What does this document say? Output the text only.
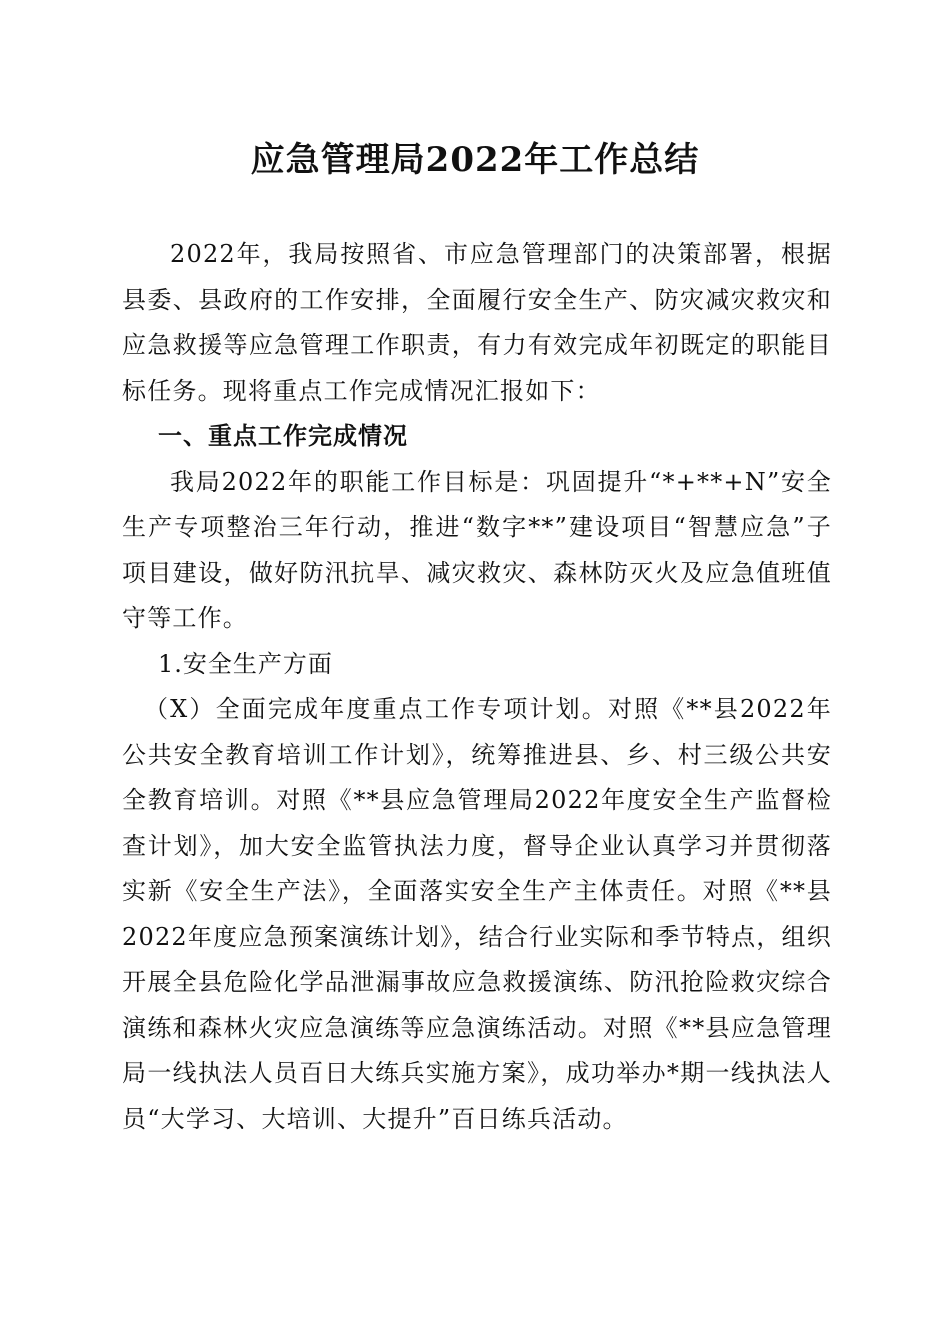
应急管理局2022年工作总结

2022年，我局按照省、市应急管理部门的决策部署，根据县委、县政府的工作安排，全面履行安全生产、防灾减灾救灾和应急救援等应急管理工作职责，有力有效完成年初既定的职能目标任务。现将重点工作完成情况汇报如下：

一、重点工作完成情况

我局2022年的职能工作目标是：巩固提升“*+**+N”安全生产专项整治三年行动，推进“数字**”建设项目“智慧应急”子项目建设，做好防汛抗旱、减灾救灾、森林防灭火及应急值班值守等工作。

1.安全生产方面

（X）全面完成年度重点工作专项计划。对照《**县2022年公共安全教育培训工作计划》，统筹推进县、乡、村三级公共安全教育培训。对照《**县应急管理局2022年度安全生产监督检查计划》，加大安全监管执法力度，督导企业认真学习并贯彻落实新《安全生产法》，全面落实安全生产主体责任。对照《**县2022年度应急预案演练计划》，结合行业实际和季节特点，组织开展全县危险化学品泄漏事故应急救援演练、防汛抢险救灾综合演练和森林火灾应急演练等应急演练活动。对照《**县应急管理局一线执法人员百日大练兵实施方案》，成功举办*期一线执法人员“大学习、大培训、大提升”百日练兵活动。
